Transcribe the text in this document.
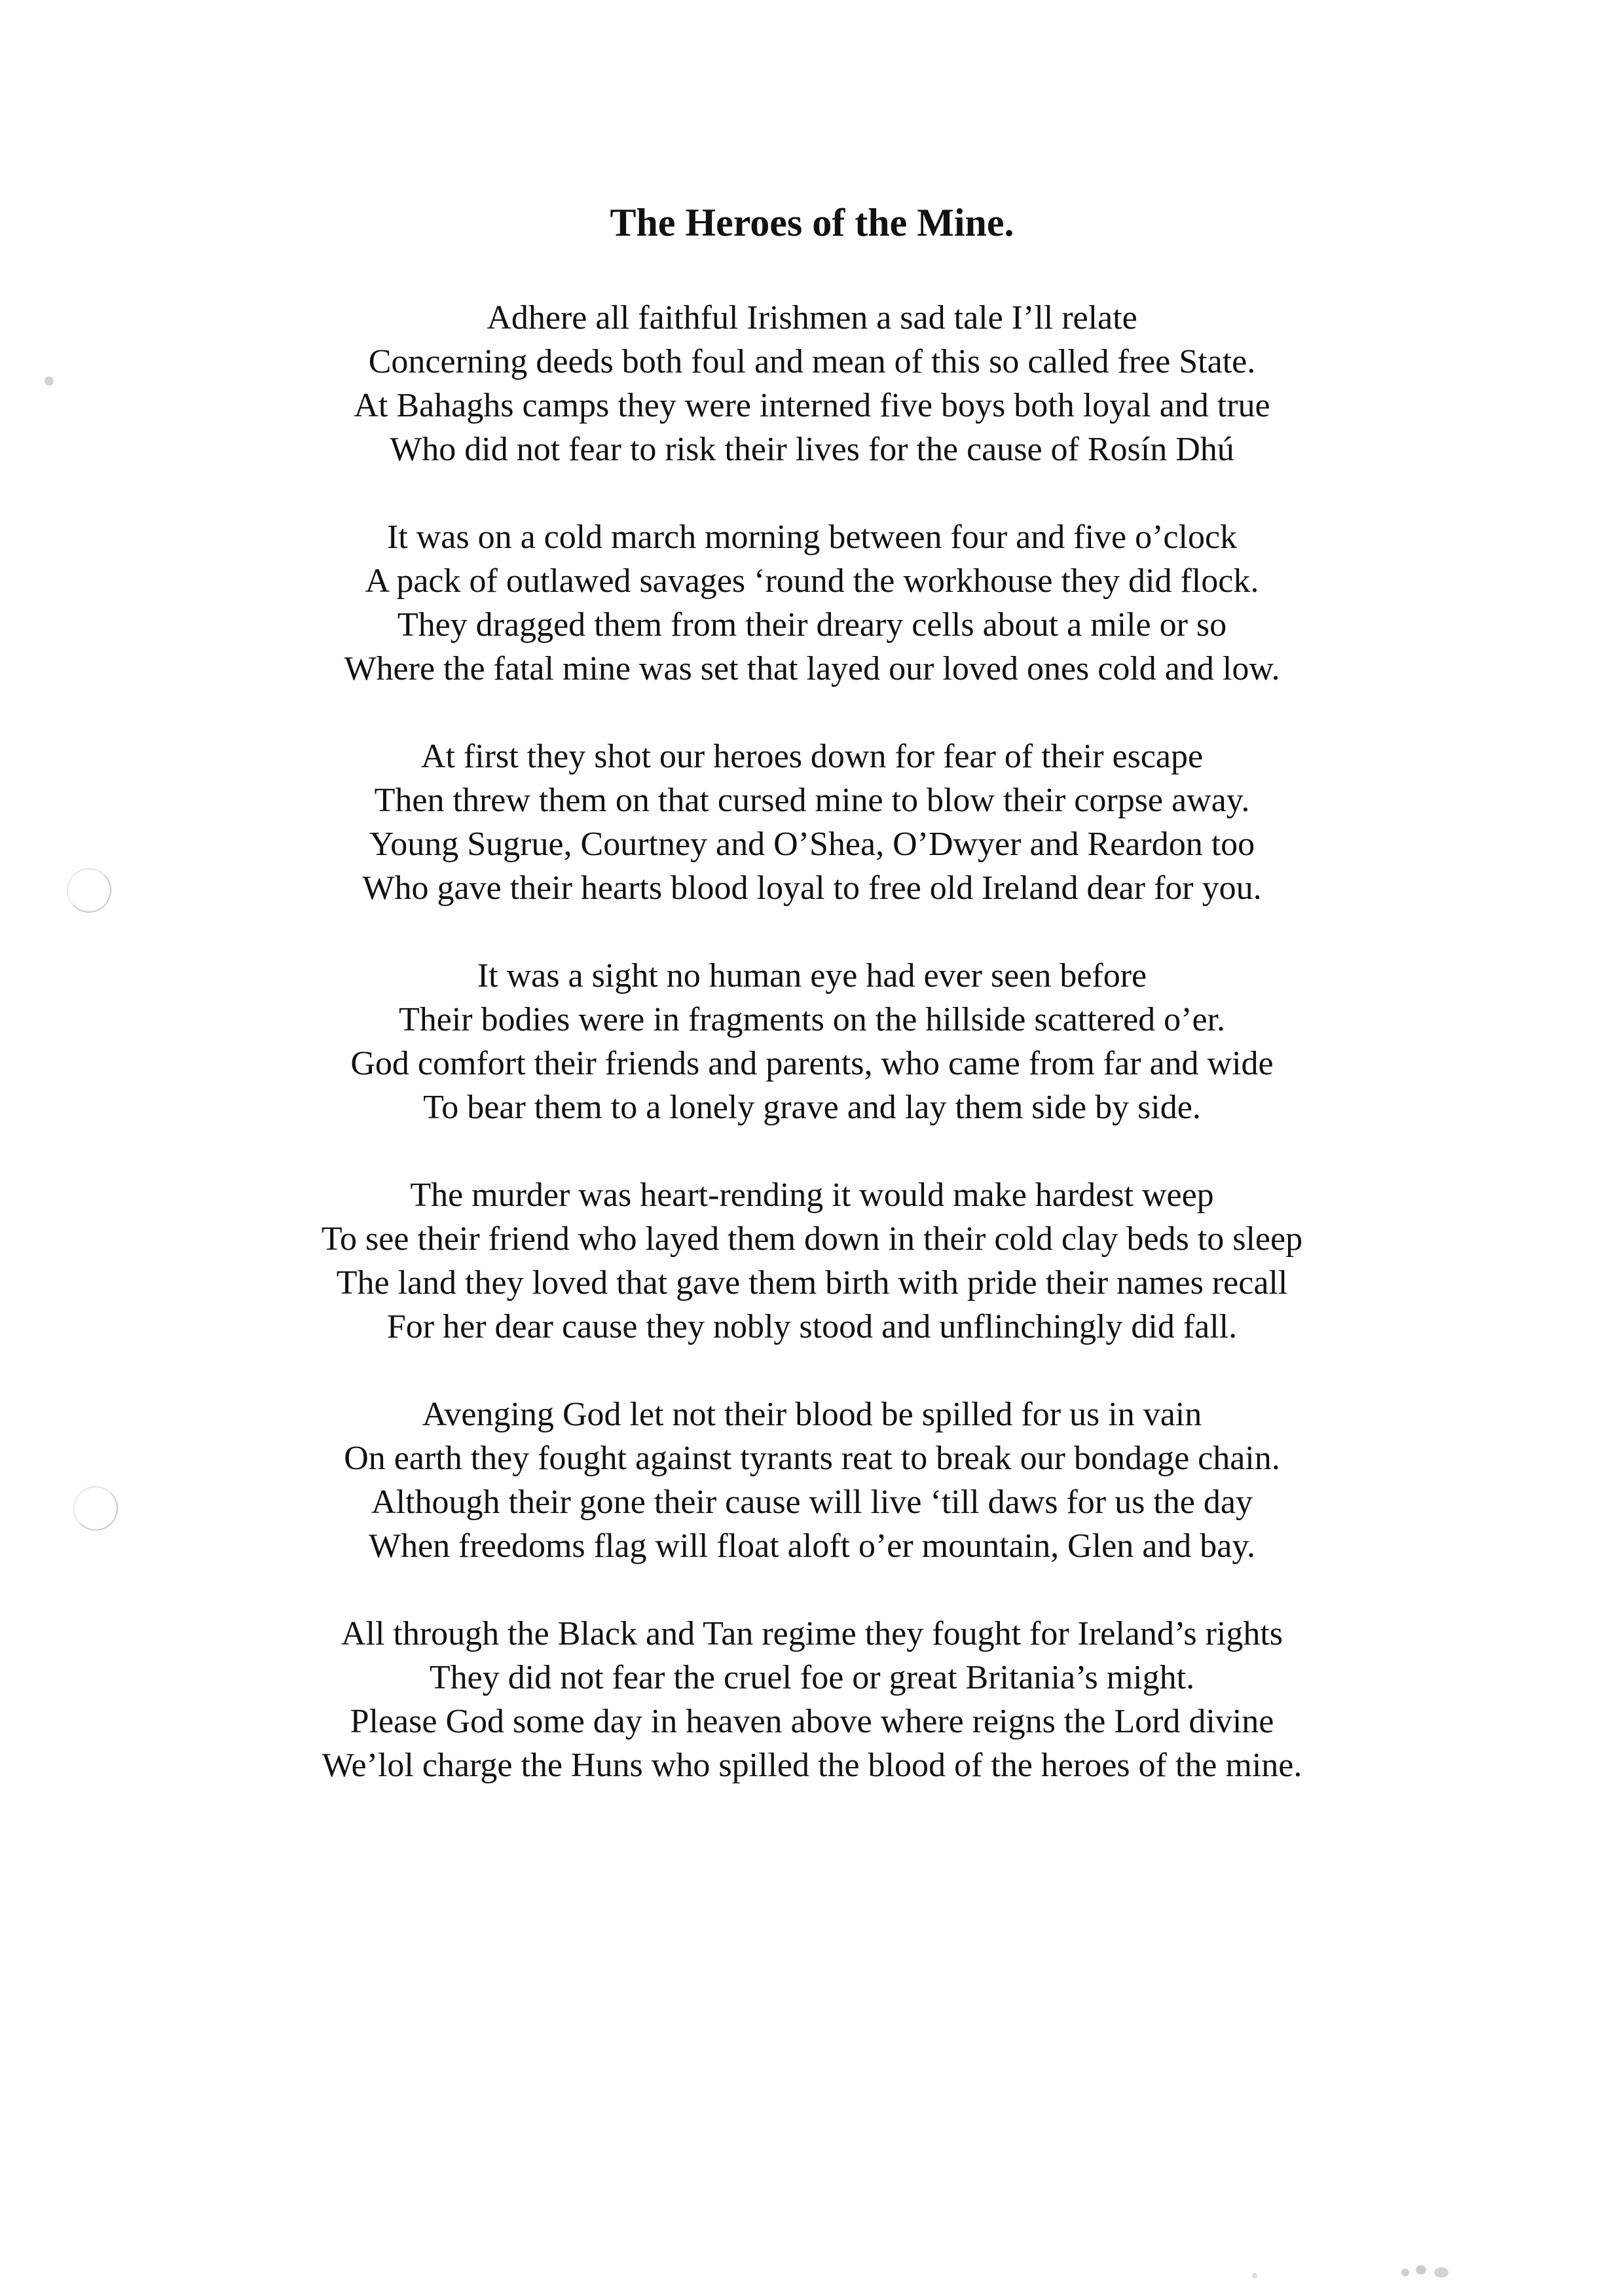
The Heroes of the Mine.
Adhere all faithful Irishmen a sad tale I’ll relate
Concerning deeds both foul and mean of this so called free State.
At Bahaghs camps they were interned five boys both loyal and true
Who did not fear to risk their lives for the cause of Rosín Dhú
It was on a cold march morning between four and five o’clock
A pack of outlawed savages ‘round the workhouse they did flock.
They dragged them from their dreary cells about a mile or so
Where the fatal mine was set that layed our loved ones cold and low.
At first they shot our heroes down for fear of their escape
Then threw them on that cursed mine to blow their corpse away.
Young Sugrue, Courtney and O’Shea, O’Dwyer and Reardon too
Who gave their hearts blood loyal to free old Ireland dear for you.
It was a sight no human eye had ever seen before
Their bodies were in fragments on the hillside scattered o’er.
God comfort their friends and parents, who came from far and wide
To bear them to a lonely grave and lay them side by side.
The murder was heart-rending it would make hardest weep
To see their friend who layed them down in their cold clay beds to sleep
The land they loved that gave them birth with pride their names recall
For her dear cause they nobly stood and unflinchingly did fall.
Avenging God let not their blood be spilled for us in vain
On earth they fought against tyrants reat to break our bondage chain.
Although their gone their cause will live ‘till daws for us the day
When freedoms flag will float aloft o’er mountain, Glen and bay.
All through the Black and Tan regime they fought for Ireland’s rights
They did not fear the cruel foe or great Britania’s might.
Please God some day in heaven above where reigns the Lord divine
We’lol charge the Huns who spilled the blood of the heroes of the mine.
